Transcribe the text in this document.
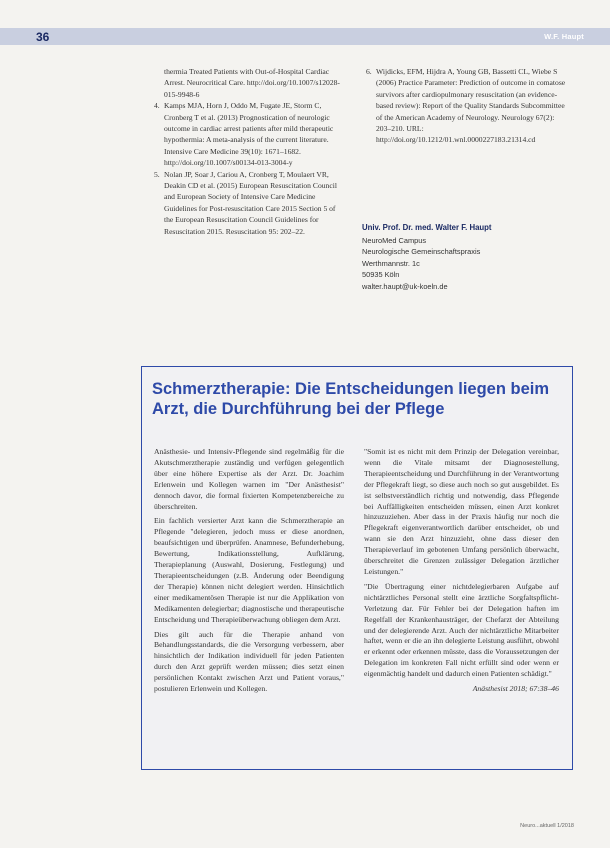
36	W.F. Haupt
thermia Treated Patients with Out-of-Hospital Cardiac Arrest. Neurocritical Care. http://doi.org/10.1007/s12028-015-9948-6
4. Kamps MJA, Horn J, Oddo M, Fugate JE, Storm C, Cronberg T et al. (2013) Prognostication of neurologic outcome in cardiac arrest patients after mild therapeutic hypothermia: A meta-analysis of the current literature. Intensive Care Medicine 39(10): 1671–1682. http://doi.org/10.1007/s00134-013-3004-y
5. Nolan JP, Soar J, Cariou A, Cronberg T, Moulaert VR, Deakin CD et al. (2015) European Resuscitation Council and European Society of Intensive Care Medicine Guidelines for Post-resuscitation Care 2015 Section 5 of the European Resuscitation Council Guidelines for Resuscitation 2015. Resuscitation 95: 202–22.
6. Wijdicks, EFM, Hijdra A, Young GB, Bassetti CL, Wiebe S (2006) Practice Parameter: Prediction of outcome in comatose survivors after cardiopulmonary resuscitation (an evidence-based review): Report of the Quality Standards Subcommittee of the American Academy of Neurology. Neurology 67(2): 203–210. URL: http://doi.org/10.1212/01.wnl.0000227183.21314.cd
Univ. Prof. Dr. med. Walter F. Haupt
NeuroMed Campus
Neurologische Gemeinschaftspraxis
Werthmannstr. 1c
50935 Köln
walter.haupt@uk-koeln.de
Schmerztherapie: Die Entscheidungen liegen beim Arzt, die Durchführung bei der Pflege

Anästhesie- und Intensiv-Pflegende sind regelmäßig für die Akutschmerztherapie zuständig und verfügen gelegentlich über eine höhere Expertise als der Arzt. Dr. Joachim Erlenwein und Kollegen warnen im "Der Anästhesist" dennoch davor, die formal fixierten Kompetenzbereiche zu überschreiten.

Ein fachlich versierter Arzt kann die Schmerztherapie an Pflegende "delegieren, jedoch muss er diese anordnen, beaufsichtigen und überprüfen. Anamnese, Befunderhebung, Bewertung, Indikationsstellung, Aufklärung, Therapieplanung (Auswahl, Dosierung, Festlegung) und Therapieentscheidungen (z.B. Änderung oder Beendigung der Therapie) können nicht delegiert werden. Hinsichtlich einer medikamentösen Therapie ist nur die Applikation von Medikamenten delegierbar; diagnostische und therapeutische Entscheidung und Therapieüberwachung obliegen dem Arzt.

Dies gilt auch für die Therapie anhand von Behandlungsstandards, die die Versorgung verbessern, aber hinsichtlich der Indikation individuell für jeden Patienten durch den Arzt geprüft werden müssen; dies setzt einen persönlichen Kontakt zwischen Arzt und Patient voraus," postulieren Erlenwein und Kollegen.

"Somit ist es nicht mit dem Prinzip der Delegation vereinbar, wenn die Vitale mitsamt der Diagnosestellung, Therapieentscheidung und Durchführung in der Verantwortung der Pflegekraft liegt, so diese auch noch so gut ausgebildet. Es ist selbstverständlich richtig und notwendig, dass Pflegende bei Auffälligkeiten entscheiden müssen, einen Arzt konkret hinzuzuziehen. Aber dass in der Praxis häufig nur noch die Pflegekraft eigenverantwortlich darüber entscheidet, ob und wann sie den Arzt hinzuzieht, ohne dass dieser den Therapieverlauf im gebotenen Umfang persönlich überwacht, überschreitet die Grenzen zulässiger Delegation ärztlicher Leistungen."

"Die Übertragung einer nichtdelegierbaren Aufgabe auf nichtärztliches Personal stellt eine ärztliche Sorgfaltspflicht-Verletzung dar. Für Fehler bei der Delegation haften im Regelfall der Krankenhausträger, der Chefarzt der Abteilung und der delegierende Arzt. Auch der nichtärztliche Mitarbeiter haftet, wenn er die an ihn delegierte Leistung ausführt, obwohl er erkennt oder erkennen müsste, dass die Voraussetzungen der Delegation im konkreten Fall nicht erfüllt sind oder wenn er eigenmächtig handelt und dadurch einen Patienten schädigt."

Anästhesist 2018; 67:38–46
Neuro...aktuell 1/2018
